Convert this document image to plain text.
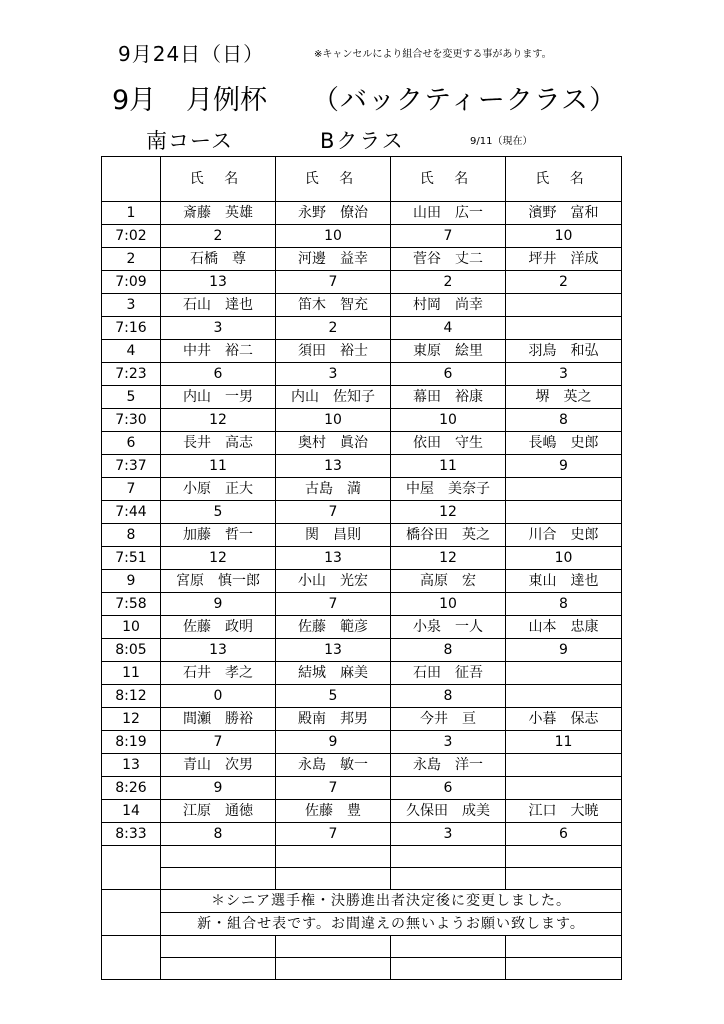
9月24日（日）	※キャンセルにより組合せを変更する事があります。
9月 月例杯 （バックティークラス）
南コース	Bクラス	9/11（現在）
	氏 名	氏 名	氏 名	氏 名
1	斎藤　英雄	永野　僚治	山田　広一	濱野　富和
7:02	2	10	7	10
2	石橋　尊	河邊　益幸	菅谷　丈二	坪井　洋成
7:09	13	7	2	2
3	石山　達也	笛木　智充	村岡　尚幸	
7:16	3	2	4	
4	中井　裕二	須田　裕士	東原　絵里	羽鳥　和弘
7:23	6	3	6	3
5	内山　一男	内山　佐知子	幕田　裕康	堺　英之
7:30	12	10	10	8
6	長井　高志	奥村　眞治	依田　守生	長嶋　史郎
7:37	11	13	11	9
7	小原　正大	古島　満	中屋　美奈子	
7:44	5	7	12	
8	加藤　哲一	関　昌則	橋谷田　英之	川合　史郎
7:51	12	13	12	10
9	宮原　慎一郎	小山　光宏	高原　宏	東山　達也
7:58	9	7	10	8
10	佐藤　政明	佐藤　範彦	小泉　一人	山本　忠康
8:05	13	13	8	9
11	石井　孝之	結城　麻美	石田　征吾	
8:12	0	5	8	
12	間瀬　勝裕	殿南　邦男	今井　亘	小暮　保志
8:19	7	9	3	11
13	青山　次男	永島　敏一	永島　洋一	
8:26	9	7	6	
14	江原　通徳	佐藤　豊	久保田　成美	江口　大暁
8:33	8	7	3	6

	＊シニア選手権・決勝進出者決定後に変更しました。			
	新・組合せ表です。お間違えの無いようお願い致します。			
